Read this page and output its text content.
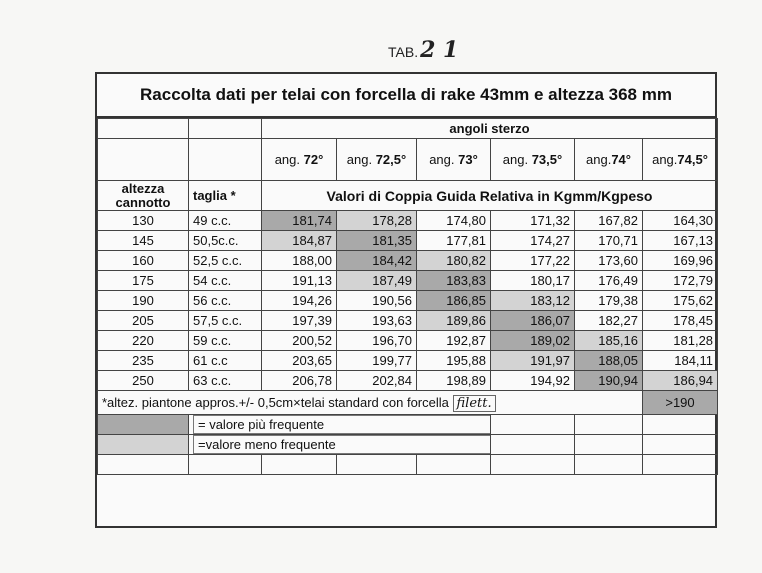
TAB.2 1
Raccolta dati per telai con forcella di rake 43mm e altezza 368 mm
		angoli sterzo					
		ang. 72°	ang. 72,5°	ang. 73°	ang. 73,5°	ang.74°	ang.74,5°
altezza cannotto	taglia *	Valori di Coppia Guida Relativa in Kgmm/Kgpeso					
130	49 c.c.	181,74	178,28	174,80	171,32	167,82	164,30
145	50,5c.c.	184,87	181,35	177,81	174,27	170,71	167,13
160	52,5 c.c.	188,00	184,42	180,82	177,22	173,60	169,96
175	54 c.c.	191,13	187,49	183,83	180,17	176,49	172,79
190	56 c.c.	194,26	190,56	186,85	183,12	179,38	175,62
205	57,5 c.c.	197,39	193,63	189,86	186,07	182,27	178,45
220	59 c.c.	200,52	196,70	192,87	189,02	185,16	181,28
235	61 c.c	203,65	199,77	195,88	191,97	188,05	184,11
250	63 c.c.	206,78	202,84	198,89	194,92	190,94	186,94
*altez. piantone appros.+/- 0,5cm×telai standard con forcella filett.							>190
	= valore più frequente						
	=valore meno frequente						
